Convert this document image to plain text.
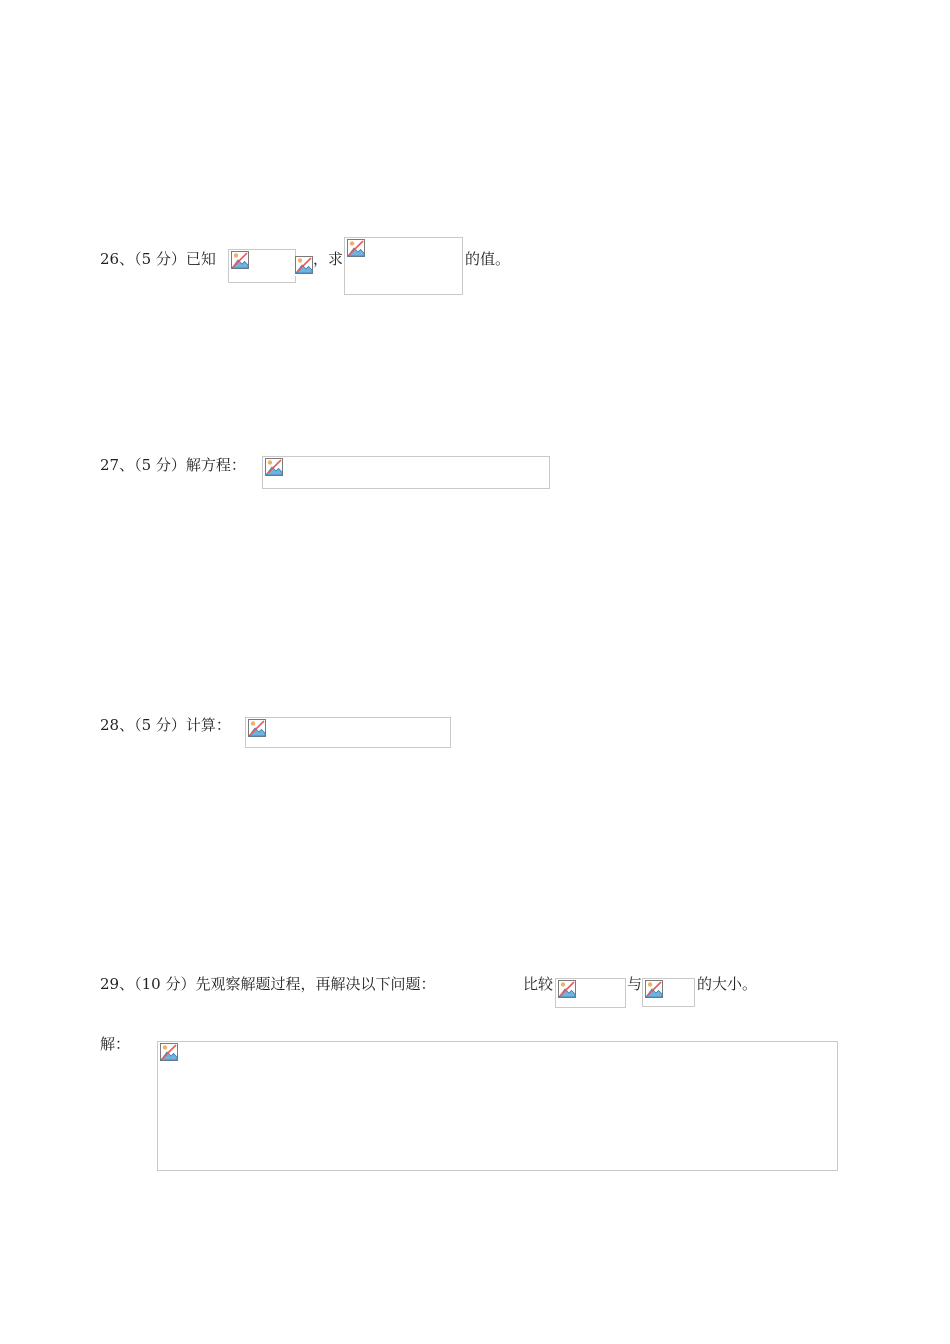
26、（5 分）已知	，求	的值。
27、（5 分）解方程：
28、（5 分）计算：
29、（10 分）先观察解题过程，再解决以下问题：	比较	与	的大小。
解：
